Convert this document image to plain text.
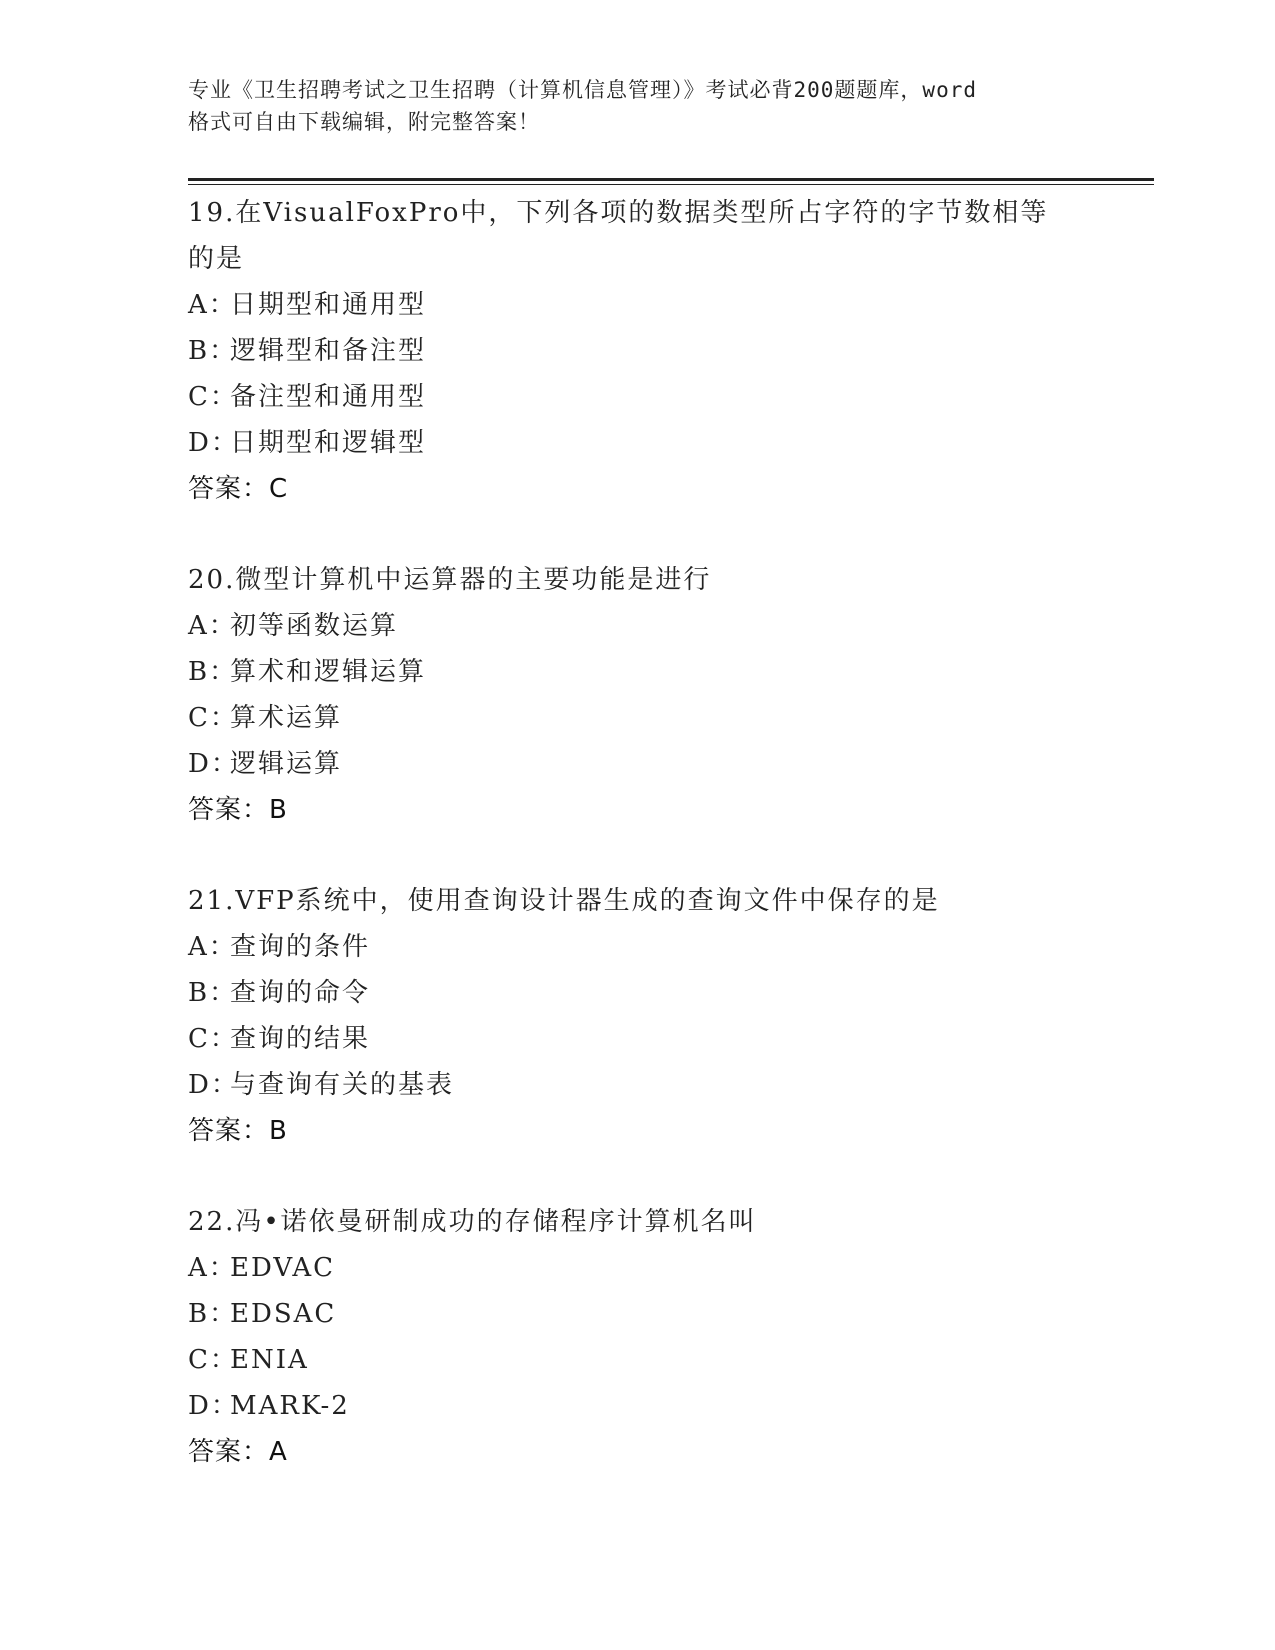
专业《卫生招聘考试之卫生招聘（计算机信息管理）》考试必背200题题库，word
格式可自由下载编辑，附完整答案！
19.在VisualFoxPro中，下列各项的数据类型所占字符的字节数相等的是
A：日期型和通用型
B：逻辑型和备注型
C：备注型和通用型
D：日期型和逻辑型
答案：C
20.微型计算机中运算器的主要功能是进行
A：初等函数运算
B：算术和逻辑运算
C：算术运算
D：逻辑运算
答案：B
21.VFP系统中，使用查询设计器生成的查询文件中保存的是
A：查询的条件
B：查询的命令
C：查询的结果
D：与查询有关的基表
答案：B
22.冯•诺依曼研制成功的存储程序计算机名叫
A：EDVAC
B：EDSAC
C：ENIA
D：MARK-2
答案：A
